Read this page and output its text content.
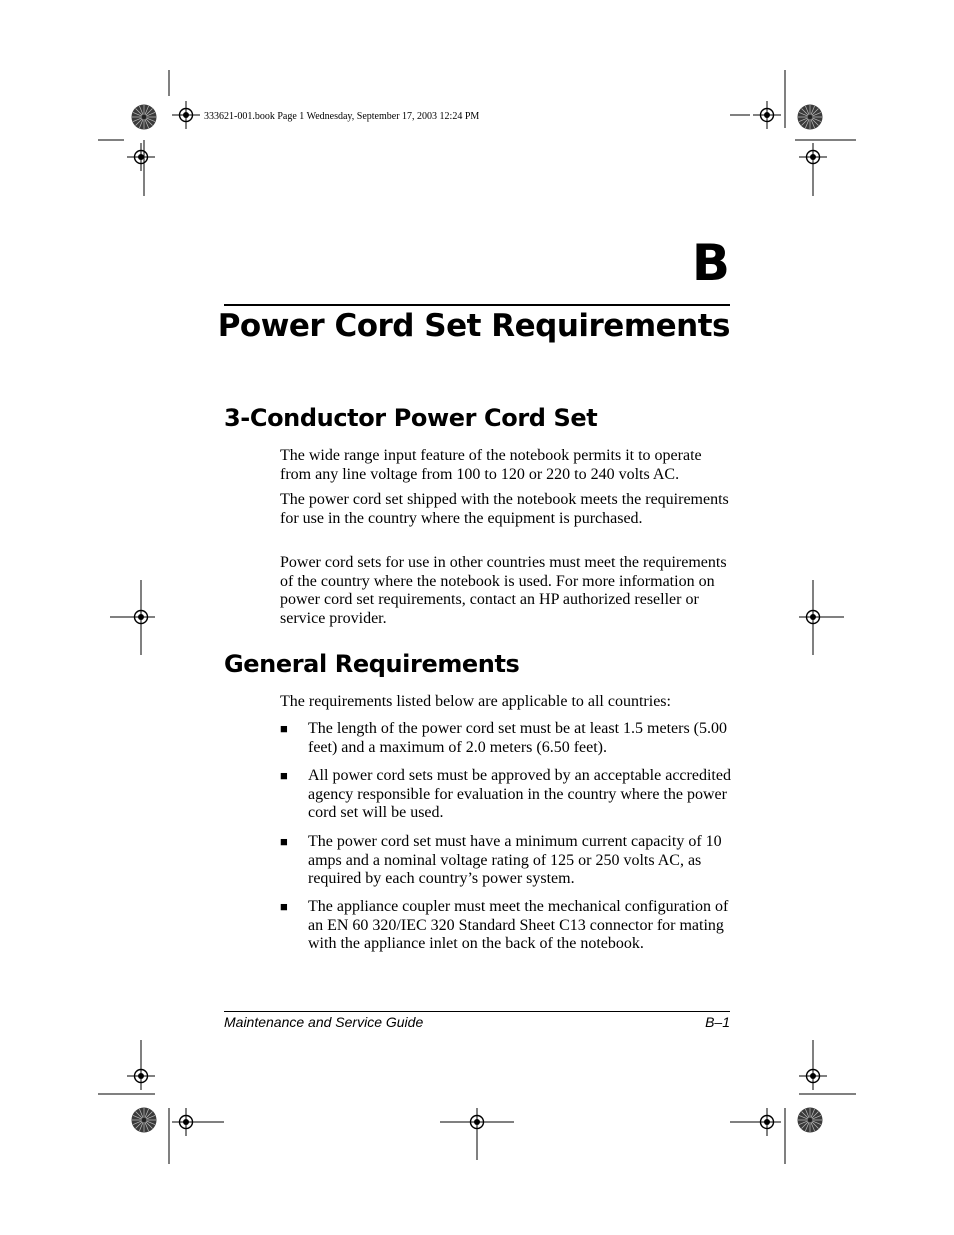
333621-001.book Page 1 Wednesday, September 17, 2003 12:24 PM
B
Power Cord Set Requirements
3-Conductor Power Cord Set
The wide range input feature of the notebook permits it to operate from any line voltage from 100 to 120 or 220 to 240 volts AC.
The power cord set shipped with the notebook meets the requirements for use in the country where the equipment is purchased.
Power cord sets for use in other countries must meet the requirements of the country where the notebook is used. For more information on power cord set requirements, contact an HP authorized reseller or service provider.
General Requirements
The requirements listed below are applicable to all countries:
■ The length of the power cord set must be at least 1.5 meters (5.00 feet) and a maximum of 2.0 meters (6.50 feet).
■ All power cord sets must be approved by an acceptable accredited agency responsible for evaluation in the country where the power cord set will be used.
■ The power cord set must have a minimum current capacity of 10 amps and a nominal voltage rating of 125 or 250 volts AC, as required by each country’s power system.
■ The appliance coupler must meet the mechanical configuration of an EN 60 320/IEC 320 Standard Sheet C13 connector for mating with the appliance inlet on the back of the notebook.
Maintenance and Service Guide	B–1
